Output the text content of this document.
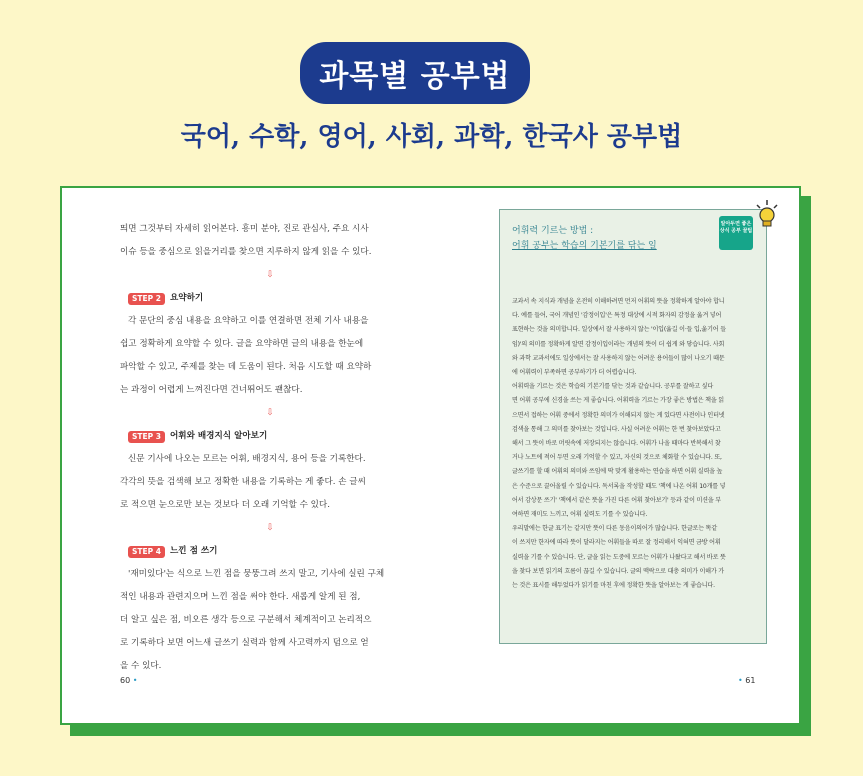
과목별 공부법
국어, 수학, 영어, 사회, 과학, 한국사 공부법

띄면 그것부터 자세히 읽어본다. 흥미 분야, 진로 관심사, 주요 시사

이슈 등을 중심으로 읽을거리를 찾으면 지루하지 않게 읽을 수 있다.

⇩

STEP 2	요약하기

각 문단의 중심 내용을 요약하고 이를 연결하면 전체 기사 내용을

쉽고 정확하게 요약할 수 있다. 글을 요약하면 글의 내용을 한눈에

파악할 수 있고, 주제를 찾는 데 도움이 된다. 처음 시도할 때 요약하

는 과정이 어렵게 느껴진다면 건너뛰어도 괜찮다.

⇩

STEP 3	어휘와 배경지식 알아보기

신문 기사에 나오는 모르는 어휘, 배경지식, 용어 등을 기록한다.

각각의 뜻을 검색해 보고 정확한 내용을 기록하는 게 좋다. 손 글씨

로 적으면 눈으로만 보는 것보다 더 오래 기억할 수 있다.

⇩

STEP 4	느낀 점 쓰기

'재미있다'는 식으로 느낀 점을 뭉뚱그려 쓰지 말고, 기사에 실린 구체

적인 내용과 관련지으며 느낀 점을 써야 한다. 새롭게 알게 된 점,

더 알고 싶은 점, 비오른 생각 등으로 구분해서 체계적이고 논리적으

로 기록하다 보면 어느새 글쓰기 실력과 함께 사고력까지 덤으로 얻

을 수 있다.

60 •
어휘력 기르는 방법 :
어휘 공부는 학습의 기본기를 닦는 일
알아두면 좋은 상식 공부 꿀팁

교과서 속 지식과 개념을 온전히 이해하려면 먼저 어휘의 뜻을 정확하게 알아야 합니

다. 예를 들어, 국어 개념인 '감정이입'은 특정 대상에 시적 화자의 감정을 옮겨 넣어

표현하는 것을 의미합니다. 일상에서 잘 사용하지 않는 '이입(옮길 이·들 입,옮기어 들

임)'의 의미를 정확하게 알면 감정이입이라는 개념의 뜻이 더 쉽게 와 닿습니다. 사회

와 과학 교과서에도 일상에서는 잘 사용하지 않는 어려운 용어들이 많이 나오기 때문

에 어휘력이 부족하면 공부하기가 더 어렵습니다.

어휘력을 기르는 것은 학습의 기본기를 닦는 것과 같습니다. 공부를 잘하고 싶다

면 어휘 공부에 신경을 쓰는 게 좋습니다. 어휘력을 기르는 가장 좋은 방법은 책을 읽

으면서 접하는 어휘 중에서 정확한 의미가 이해되지 않는 게 있다면 사전이나 인터넷

검색을 통해 그 의미를 찾아보는 것입니다. 사실 어려운 어휘는 한 번 찾아보았다고

해서 그 뜻이 바로 머릿속에 저장되지는 않습니다. 어휘가 나올 때마다 반복해서 찾

거나 노트에 적어 두면 오래 기억할 수 있고, 자신의 것으로 체화할 수 있습니다. 또,

글쓰기를 할 때 어휘의 의미와 쓰임에 딱 맞게 활용하는 연습을 하면 어휘 실력을 높

은 수준으로 끌어올릴 수 있습니다. 독서록을 작성할 때도 '책에 나온 어휘 10개를 넣

어서 감상문 쓰기' '책에서 같은 뜻을 가진 다른 어휘 찾아보기' 등과 같이 미션을 부

여하면 재미도 느끼고, 어휘 실력도 기를 수 있습니다.

우리말에는 한글 표기는 같지만 뜻이 다른 동음이의어가 많습니다. 한글로는 똑같

이 쓰지만 한자에 따라 뜻이 달라지는 어휘들을 따로 잘 정리해서 익혀면 금방 어휘

실력을 기를 수 있습니다. 단, 글을 읽는 도중에 모르는 어휘가 나왔다고 해서 바로 뜻

을 찾다 보면 읽기의 흐름이 끊길 수 있습니다. 글의 맥락으로 대충 의미가 이해가 가

는 것은 표시를 해두었다가 읽기를 마친 후에 정확한 뜻을 알아보는 게 좋습니다.

• 61
